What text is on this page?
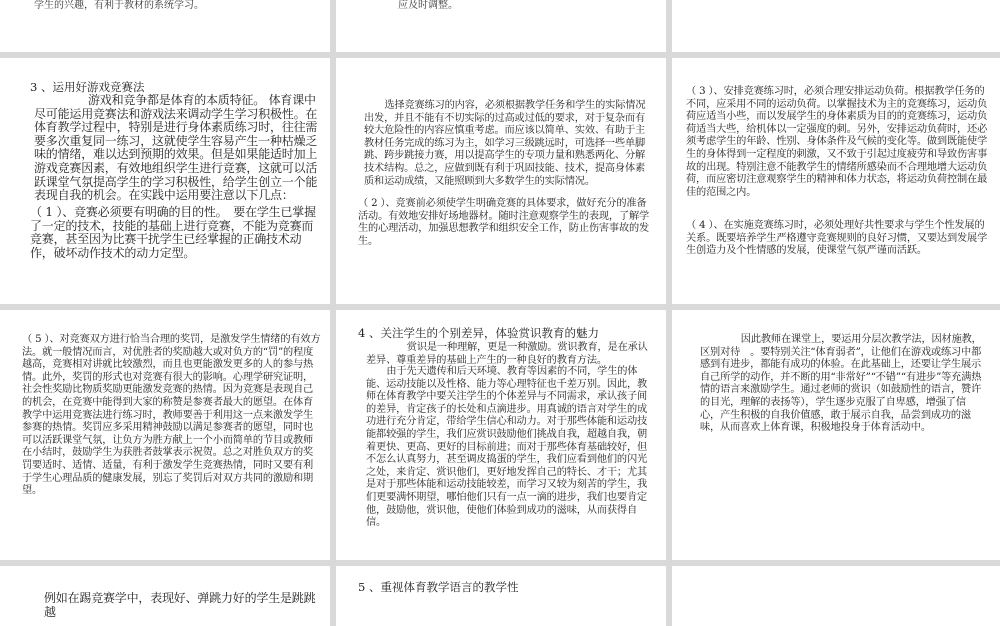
学生的兴趣，有利于教材的系统学习。	应及时调整。

3 、运用好游戏竞赛法

游戏和竞争都是体育的本质特征。 体育课中尽可能运用竞赛法和游戏法来调动学生学习积极性。在体育教学过程中，特别是进行身体素质练习时，往往需要多次重复同一练习，这就使学生容易产生一种枯燥乏味的情绪，难以达到预期的效果。但是如果能适时加上游戏竞赛因素，有效地组织学生进行竞赛，这就可以活跃课堂气氛提高学生的学习积极性，给学生创立一个能表现自我的机会。在实践中运用要注意以下几点：

（ 1 ）、竞赛必须要有明确的目的性。　要在学生已掌握了一定的技术，技能的基础上进行竞赛，不能为竞赛而竞赛，甚至因为比赛干扰学生已经掌握的正确技术动作，破坏动作技术的动力定型。

选择竞赛练习的内容，必须根据教学任务和学生的实际情况出发，并且不能有不切实际的过高或过低的要求，对于复杂而有较大危险性的内容应慎重考虑。而应该以简单、实效、有助于主教材任务完成的练习为主，如学习三级跳远时，可选择一些单脚跳、跨步跳接力赛，用以提高学生的专项力量和熟悉两化、分解技术结构。总之，应做到既有利于巩固技能、技术，提高身体素质和运动成绩，又能照顾到大多数学生的实际情况。

（ 2 ）、竞赛前必须使学生明确竞赛的具体要求，做好充分的准备活动。有效地安排好场地器材。随时注意观察学生的表现，了解学生的心理活动，加强思想教学和组织安全工作，防止伤害事故的发生。

（ 3 ）、安排竞赛练习时，必须合理安排运动负荷。根据教学任务的不同，应采用不同的运动负荷。以掌握技术为主的竞赛练习，运动负荷应适当小些，而以发展学生的身体素质为目的的竞赛练习，运动负荷适当大些，给机体以一定强度的刺。另外，安排运动负荷时，还必须考虑学生的年龄、性别、身体条件及气候的变化等。做到既能使学生的身体得到一定程度的刺激，又不致于引起过度疲劳和导致伤害事故的出现。特别注意不能教学生的情绪所感染而不合理地增大运动负荷，而应密切注意观察学生的精神和体力状态，将运动负荷控制在最佳的范围之内。

（ 4 ）、在实施竞赛练习时，必须处理好共性要求与学生个性发展的关系。既要培养学生严格遵守竞赛规则的良好习惯，又要达到发展学生创造力及个性情感的发展，使课堂气氛严谨而活跃。

（ 5 ）、对竞赛双方进行恰当合理的奖罚，是激发学生情绪的有效方法。就一般情况而言，对优胜者的奖励越大或对负方的“罚”的程度越高，竞赛相对讲就比较激烈，而且也更能激发更多的人的参与热情。此外，奖罚的形式也对竞赛有很大的影响。心理学研究证明，社会性奖励比物质奖励更能激发竞赛的热情。因为竞赛是表现自己的机会，在竞赛中能得到大家的称赞是参赛者最大的愿望。在体育教学中运用竞赛法进行练习时，教师要善于利用这一点来激发学生参赛的热情。奖罚应多采用精神鼓励以满足参赛者的愿望，同时也可以活跃课堂气氛，让负方为胜方献上一个小而简单的节目或教师在小结时，鼓励学生为获胜者鼓掌表示祝贺。总之对胜负双方的奖罚要适时、适情、适量，有利于激发学生竞赛热情，同时又要有利于学生心理品质的健康发展，别忘了奖罚后对双方共同的激励和期望。

4 、关注学生的个别差异，体验赏识教育的魅力

赏识是一种理解，更是一种激励。赏识教育，是在承认差异、尊重差异的基础上产生的一种良好的教育方法。

由于先天遗传和后天环境、教育等因素的不同，学生的体能、运动技能以及性格、能力等心理特征也千差万别。因此，教师在体育教学中要关注学生的个体差异与不同需求，承认孩子间的差异，肯定孩子的长处和点滴进步。用真诚的语言对学生的成功进行充分肯定，带给学生信心和动力。对于那些体能和运动技能都较强的学生，我们应赏识鼓励他们挑战自我，超越自我，朝着更快、更高、更好的目标前进；而对于那些体育基础较好，但不怎么认真努力，甚至调皮捣蛋的学生，我们应看到他们的闪光之处，来肯定、赏识他们，更好地发挥自己的特长、才干；尤其是对于那些体能和运动技能较差，而学习又较为刻苦的学生，我们更要满怀期望，哪怕他们只有一点一滴的进步，我们也要肯定他，鼓励他，赏识他，使他们体验到成功的滋味，从而获得自信。

因此教师在课堂上，要运用分层次教学法，因材施教，区别对待　。要特别关注“体育弱者”，让他们在游戏或练习中都感到有进步，都能有成功的体验。在此基础上，还要让学生展示自己所学的动作，并不断的用“非常好”“不错”“有进步”等充满热情的语言来激励学生。通过老师的赏识（如鼓励性的语言，赞许的目光，理解的表扬等），学生逐步克服了自卑感，增强了信心，产生积极的自我价值感，敢于展示自我，品尝到成功的滋味，从而喜欢上体育课，积极地投身于体育活动中。

例如在踢竞赛学中，表现好、弹跳力好的学生是跳跳越

5 、重视体育教学语言的教学性
